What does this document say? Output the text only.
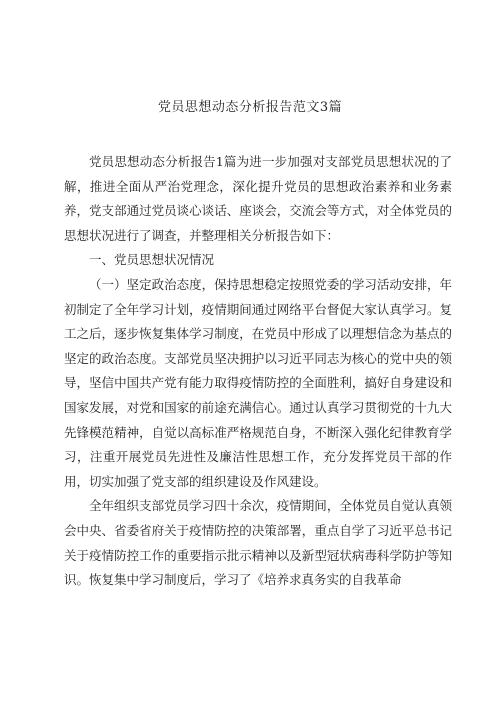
党员思想动态分析报告范文3篇

党员思想动态分析报告1篇为进一步加强对支部党员思想状况的了解，推进全面从严治党理念，深化提升党员的思想政治素养和业务素养，党支部通过党员谈心谈话、座谈会，交流会等方式，对全体党员的思想状况进行了调查，并整理相关分析报告如下：

一、党员思想状况情况

（一）坚定政治态度，保持思想稳定按照党委的学习活动安排，年初制定了全年学习计划，疫情期间通过网络平台督促大家认真学习。复工之后，逐步恢复集体学习制度，在党员中形成了以理想信念为基点的坚定的政治态度。支部党员坚决拥护以习近平同志为核心的党中央的领导，坚信中国共产党有能力取得疫情防控的全面胜利，搞好自身建设和国家发展，对党和国家的前途充满信心。通过认真学习贯彻党的十九大先锋模范精神，自觉以高标准严格规范自身，不断深入强化纪律教育学习，注重开展党员先进性及廉洁性思想工作，充分发挥党员干部的作用，切实加强了党支部的组织建设及作风建设。

全年组织支部党员学习四十余次，疫情期间，全体党员自觉认真领会中央、省委省府关于疫情防控的决策部署，重点自学了习近平总书记关于疫情防控工作的重要指示批示精神以及新型冠状病毒科学防护等知识。恢复集中学习制度后，学习了《培养求真务实的自我革命
